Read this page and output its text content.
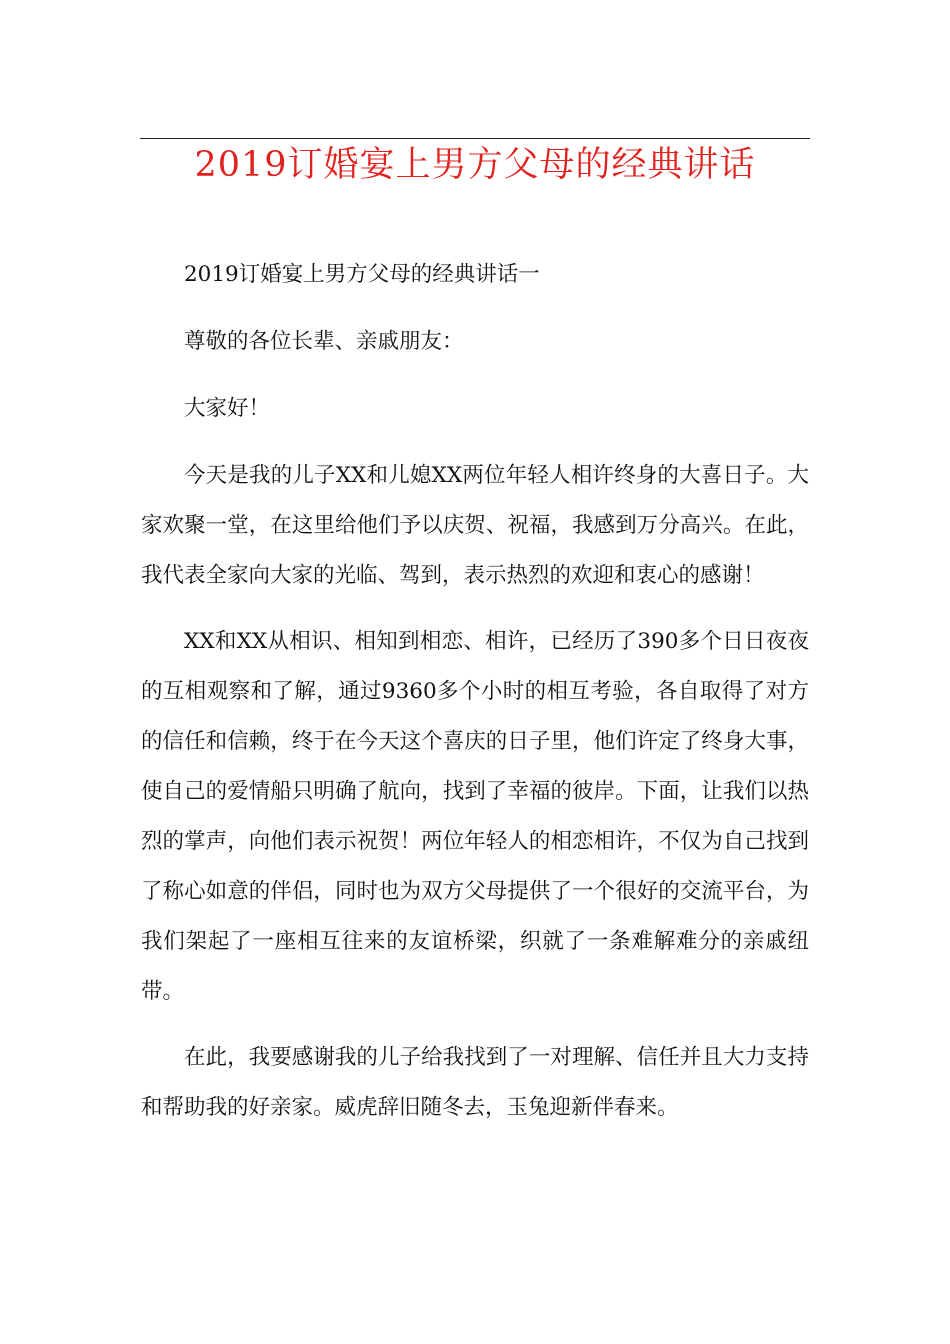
2019订婚宴上男方父母的经典讲话

2019订婚宴上男方父母的经典讲话一

尊敬的各位长辈、亲戚朋友：

大家好！

今天是我的儿子XX和儿媳XX两位年轻人相许终身的大喜日子。大家欢聚一堂，在这里给他们予以庆贺、祝福，我感到万分高兴。在此，我代表全家向大家的光临、驾到，表示热烈的欢迎和衷心的感谢！

XX和XX从相识、相知到相恋、相许，已经历了390多个日日夜夜的互相观察和了解，通过9360多个小时的相互考验，各自取得了对方的信任和信赖，终于在今天这个喜庆的日子里，他们许定了终身大事，使自己的爱情船只明确了航向，找到了幸福的彼岸。下面，让我们以热烈的掌声，向他们表示祝贺！两位年轻人的相恋相许，不仅为自己找到了称心如意的伴侣，同时也为双方父母提供了一个很好的交流平台，为我们架起了一座相互往来的友谊桥梁，织就了一条难解难分的亲戚纽带。

在此，我要感谢我的儿子给我找到了一对理解、信任并且大力支持和帮助我的好亲家。威虎辞旧随冬去，玉兔迎新伴春来。
